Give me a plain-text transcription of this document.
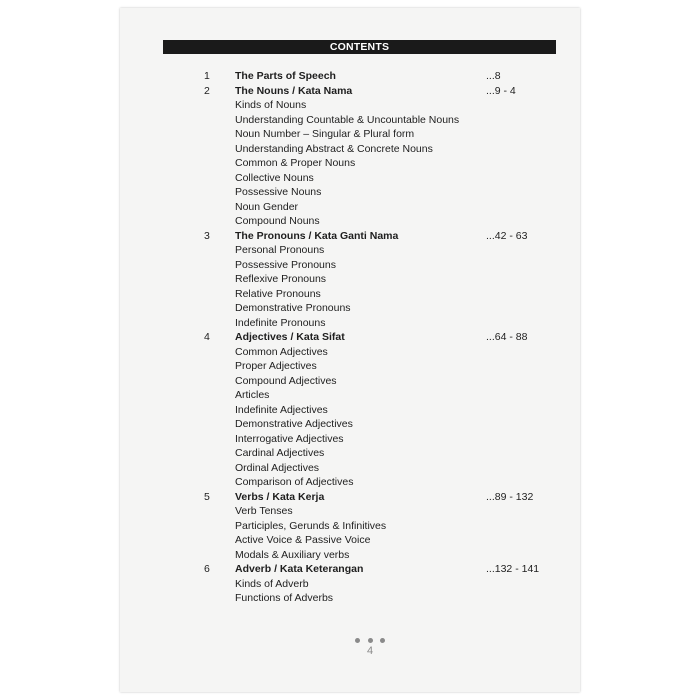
CONTENTS
1	The Parts of Speech	...8
2	The Nouns / Kata Nama	...9 - 4
Kinds of Nouns
Understanding Countable & Uncountable Nouns
Noun Number – Singular & Plural form
Understanding Abstract & Concrete Nouns
Common & Proper Nouns
Collective Nouns
Possessive Nouns
Noun Gender
Compound Nouns
3	The Pronouns / Kata Ganti Nama	...42 - 63
Personal Pronouns
Possessive Pronouns
Reflexive Pronouns
Relative Pronouns
Demonstrative Pronouns
Indefinite Pronouns
4	Adjectives / Kata Sifat	...64 - 88
Common Adjectives
Proper Adjectives
Compound Adjectives
Articles
Indefinite Adjectives
Demonstrative Adjectives
Interrogative Adjectives
Cardinal Adjectives
Ordinal Adjectives
Comparison of Adjectives
5	Verbs / Kata Kerja	...89 - 132
Verb Tenses
Participles, Gerunds & Infinitives
Active Voice & Passive Voice
Modals & Auxiliary verbs
6	Adverb / Kata Keterangan	...132 - 141
Kinds of Adverb
Functions of Adverbs
4
